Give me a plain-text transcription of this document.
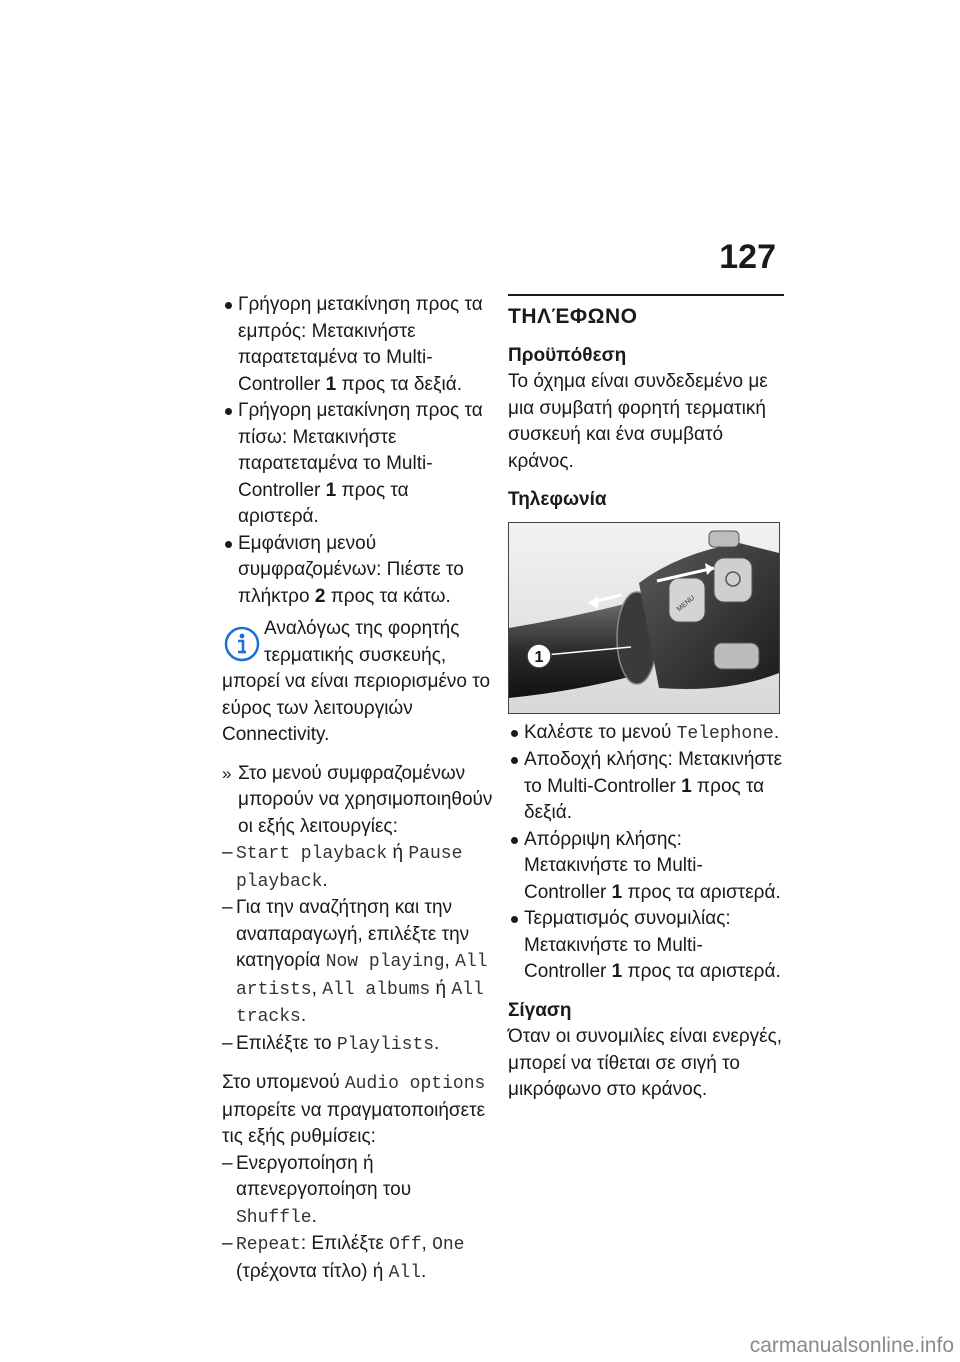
127

Γρήγορη μετακίνηση προς τα εμπρός: Μετακινήστε παρατεταμένα το Multi-Controller 1 προς τα δεξιά.

Γρήγορη μετακίνηση προς τα πίσω: Μετακινήστε παρατεταμένα το Multi-Controller 1 προς τα αριστερά.

Εμφάνιση μενού συμφραζομένων: Πιέστε το πλήκτρο 2 προς τα κάτω.

Αναλόγως της φορητής τερματικής συσκευής,
μπορεί να είναι περιορισμένο το εύρος των λειτουργιών Connectivity.

» Στο μενού συμφραζομένων μπορούν να χρησιμοποιηθούν οι εξής λειτουργίες:

– Start playback ή Pause playback.

– Για την αναζήτηση και την αναπαραγωγή, επιλέξτε την κατηγορία Now playing, All artists, All albums ή All tracks.

– Επιλέξτε το Playlists.

Στο υπομενού Audio options μπορείτε να πραγματοποιήσετε τις εξής ρυθμίσεις:

– Ενεργοποίηση ή απενεργοποίηση του Shuffle.

– Repeat: Επιλέξτε Off, One (τρέχοντα τίτλο) ή All.

ΤΗΛΈΦΩΝΟ
Προϋπόθεση
Το όχημα είναι συνδεδεμένο με μια συμβατή φορητή τερματική συσκευή και ένα συμβατό κράνος.
Τηλεφωνία
MENU
1

Καλέστε το μενού Telephone.

Αποδοχή κλήσης: Μετακινήστε το Multi-Controller 1 προς τα δεξιά.

Απόρριψη κλήσης: Μετακινήστε το Multi-Controller 1 προς τα αριστερά.

Τερματισμός συνομιλίας: Μετακινήστε το Multi-Controller 1 προς τα αριστερά.

Σίγαση
Όταν οι συνομιλίες είναι ενεργές, μπορεί να τίθεται σε σιγή το μικρόφωνο στο κράνος.
carmanualsonline.info
